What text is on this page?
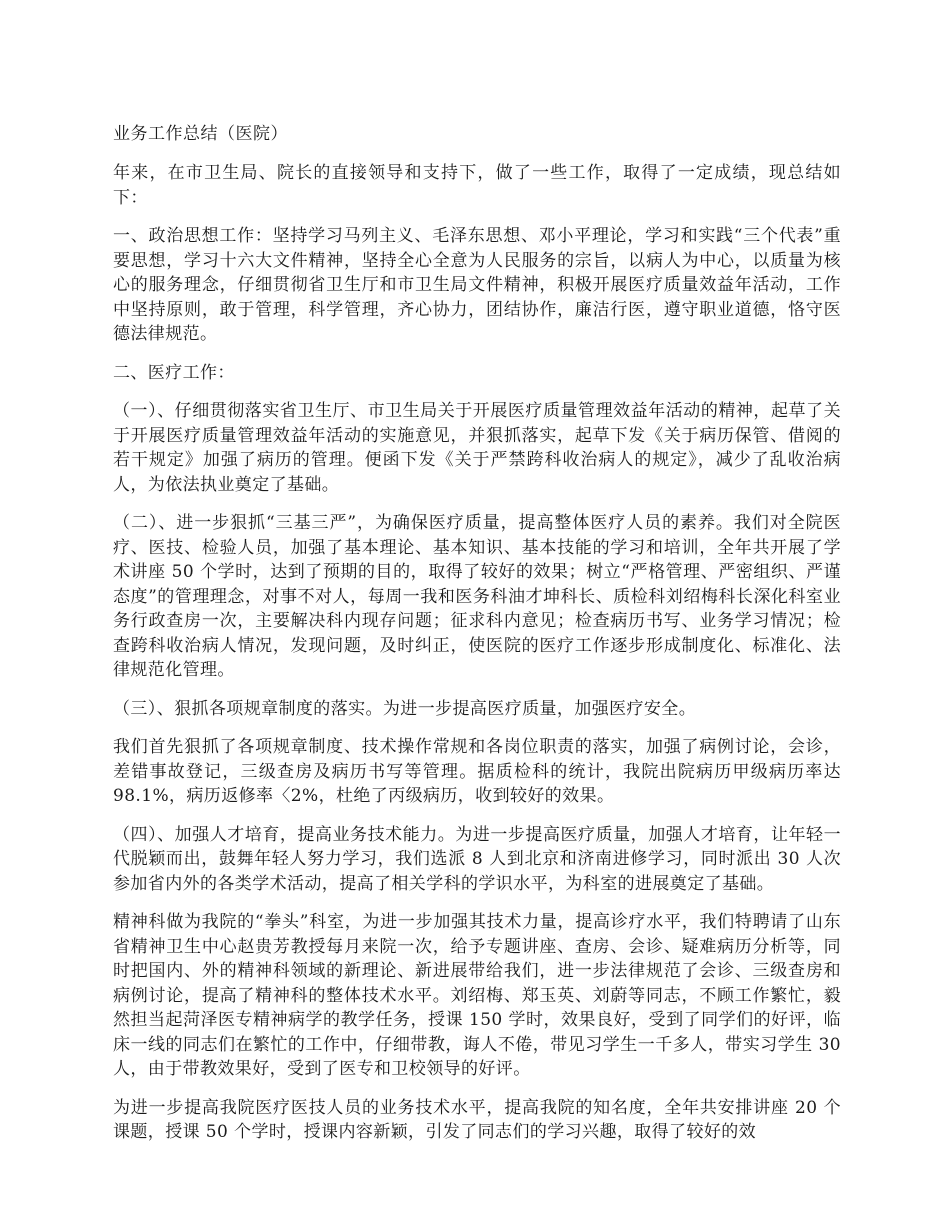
业务工作总结（医院）

年来，在市卫生局、院长的直接领导和支持下，做了一些工作，取得了一定成绩，现总结如下：

一、政治思想工作：坚持学习马列主义、毛泽东思想、邓小平理论，学习和实践“三个代表”重要思想，学习十六大文件精神，坚持全心全意为人民服务的宗旨，以病人为中心，以质量为核心的服务理念，仔细贯彻省卫生厅和市卫生局文件精神，积极开展医疗质量效益年活动，工作中坚持原则，敢于管理，科学管理，齐心协力，团结协作，廉洁行医，遵守职业道德，恪守医德法律规范。

二、医疗工作：

（一）、仔细贯彻落实省卫生厅、市卫生局关于开展医疗质量管理效益年活动的精神，起草了关于开展医疗质量管理效益年活动的实施意见，并狠抓落实，起草下发《关于病历保管、借阅的若干规定》加强了病历的管理。便函下发《关于严禁跨科收治病人的规定》，减少了乱收治病人，为依法执业奠定了基础。

（二）、进一步狠抓“三基三严”，为确保医疗质量，提高整体医疗人员的素养。我们对全院医疗、医技、检验人员，加强了基本理论、基本知识、基本技能的学习和培训，全年共开展了学术讲座 50 个学时，达到了预期的目的，取得了较好的效果；树立“严格管理、严密组织、严谨态度”的管理理念，对事不对人，每周一我和医务科油才坤科长、质检科刘绍梅科长深化科室业务行政查房一次，主要解决科内现存问题；征求科内意见；检查病历书写、业务学习情况；检查跨科收治病人情况，发现问题，及时纠正，使医院的医疗工作逐步形成制度化、标准化、法律规范化管理。

（三）、狠抓各项规章制度的落实。为进一步提高医疗质量，加强医疗安全。

我们首先狠抓了各项规章制度、技术操作常规和各岗位职责的落实，加强了病例讨论，会诊，差错事故登记，三级查房及病历书写等管理。据质检科的统计，我院出院病历甲级病历率达 98.1%，病历返修率〈2%，杜绝了丙级病历，收到较好的效果。

（四）、加强人才培育，提高业务技术能力。为进一步提高医疗质量，加强人才培育，让年轻一代脱颖而出，鼓舞年轻人努力学习，我们选派 8 人到北京和济南进修学习，同时派出 30 人次参加省内外的各类学术活动，提高了相关学科的学识水平，为科室的进展奠定了基础。

精神科做为我院的“拳头”科室，为进一步加强其技术力量，提高诊疗水平，我们特聘请了山东省精神卫生中心赵贵芳教授每月来院一次，给予专题讲座、查房、会诊、疑难病历分析等，同时把国内、外的精神科领域的新理论、新进展带给我们，进一步法律规范了会诊、三级查房和病例讨论，提高了精神科的整体技术水平。刘绍梅、郑玉英、刘蔚等同志，不顾工作繁忙，毅然担当起菏泽医专精神病学的教学任务，授课 150 学时，效果良好，受到了同学们的好评，临床一线的同志们在繁忙的工作中，仔细带教，诲人不倦，带见习学生一千多人，带实习学生 30 人，由于带教效果好，受到了医专和卫校领导的好评。

为进一步提高我院医疗医技人员的业务技术水平，提高我院的知名度，全年共安排讲座 20 个课题，授课 50 个学时，授课内容新颖，引发了同志们的学习兴趣，取得了较好的效
